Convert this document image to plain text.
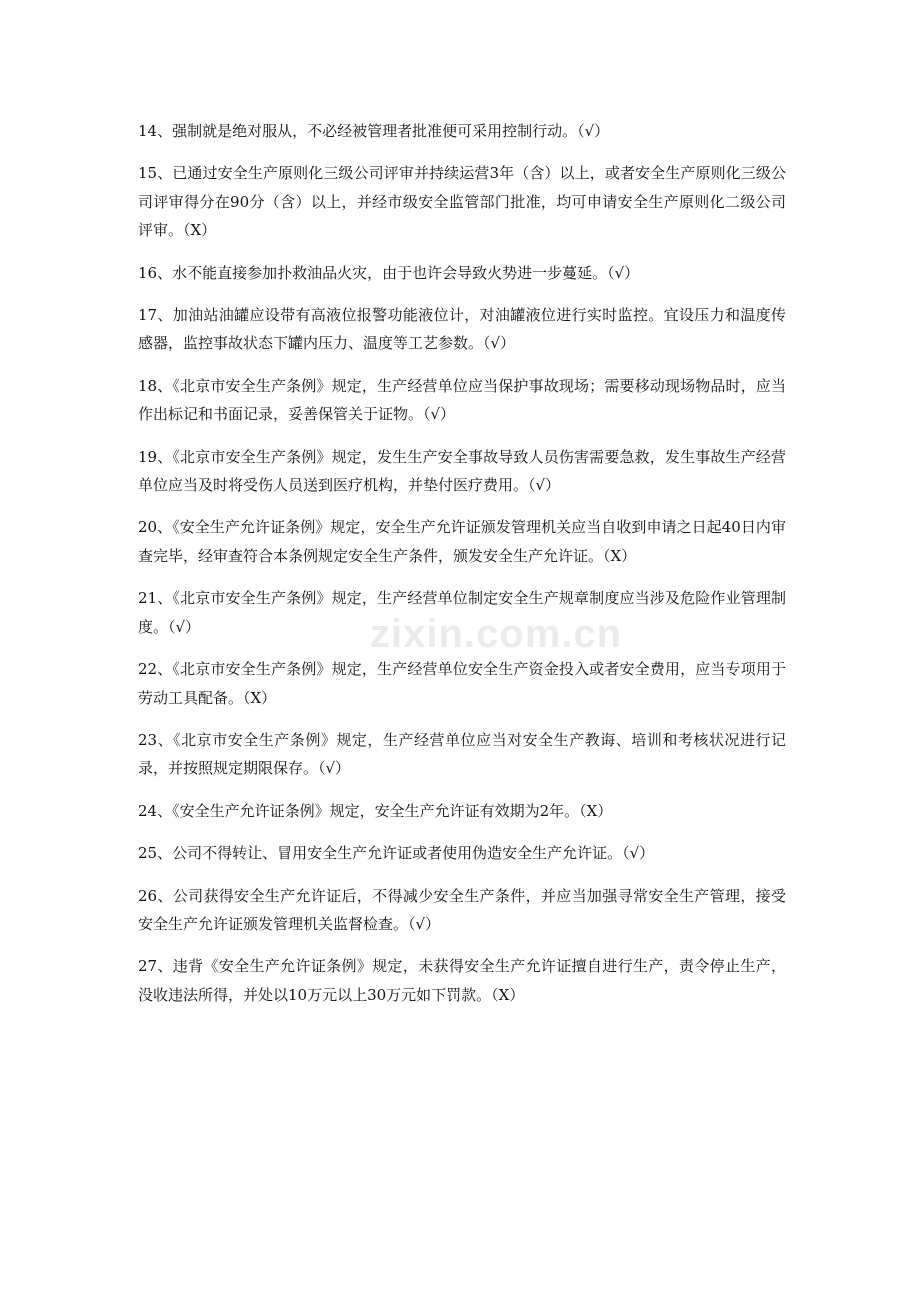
14、强制就是绝对服从，不必经被管理者批准便可采用控制行动。（√）

15、已通过安全生产原则化三级公司评审并持续运营3年（含）以上，或者安全生产原则化三级公司评审得分在90分（含）以上，并经市级安全监管部门批准，均可申请安全生产原则化二级公司评审。（X）

16、水不能直接参加扑救油品火灾，由于也许会导致火势进一步蔓延。（√）

17、加油站油罐应设带有高液位报警功能液位计，对油罐液位进行实时监控。宜设压力和温度传感器，监控事故状态下罐内压力、温度等工艺参数。（√）

18、《北京市安全生产条例》规定，生产经营单位应当保护事故现场；需要移动现场物品时，应当作出标记和书面记录，妥善保管关于证物。（√）

19、《北京市安全生产条例》规定，发生生产安全事故导致人员伤害需要急救，发生事故生产经营单位应当及时将受伤人员送到医疗机构，并垫付医疗费用。（√）

20、《安全生产允许证条例》规定，安全生产允许证颁发管理机关应当自收到申请之日起40日内审查完毕，经审查符合本条例规定安全生产条件，颁发安全生产允许证。（X）

21、《北京市安全生产条例》规定，生产经营单位制定安全生产规章制度应当涉及危险作业管理制度。（√）

22、《北京市安全生产条例》规定，生产经营单位安全生产资金投入或者安全费用，应当专项用于劳动工具配备。（X）

23、《北京市安全生产条例》规定，生产经营单位应当对安全生产教诲、培训和考核状况进行记录，并按照规定期限保存。（√）

24、《安全生产允许证条例》规定，安全生产允许证有效期为2年。（X）

25、公司不得转让、冒用安全生产允许证或者使用伪造安全生产允许证。（√）

26、公司获得安全生产允许证后，不得减少安全生产条件，并应当加强寻常安全生产管理，接受安全生产允许证颁发管理机关监督检查。（√）

27、违背《安全生产允许证条例》规定，未获得安全生产允许证擅自进行生产，责令停止生产，没收违法所得，并处以10万元以上30万元如下罚款。（X）

zixin.com.cn
